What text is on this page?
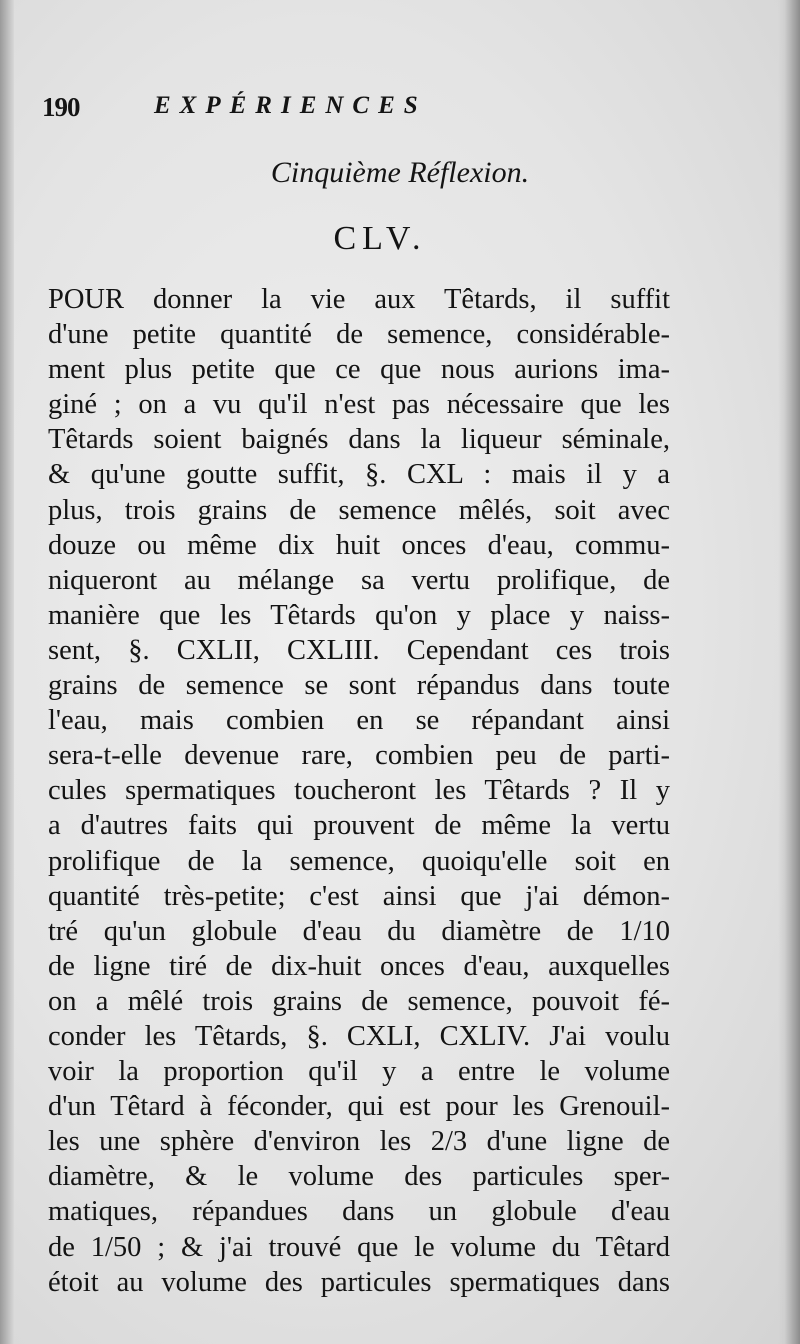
190	EXPÉRIENCES
Cinquième Réflexion.
CLV.
POUR donner la vie aux Têtards, il suffit
d'une petite quantité de semence, considérable-
ment plus petite que ce que nous aurions ima-
giné ; on a vu qu'il n'est pas nécessaire que les
Têtards soient baignés dans la liqueur séminale,
& qu'une goutte suffit, §. CXL : mais il y a
plus, trois grains de semence mêlés, soit avec
douze ou même dix huit onces d'eau, commu-
niqueront au mélange sa vertu prolifique, de
manière que les Têtards qu'on y place y naiss-
sent, §. CXLII, CXLIII. Cependant ces trois
grains de semence se sont répandus dans toute
l'eau, mais combien en se répandant ainsi
sera-t-elle devenue rare, combien peu de parti-
cules spermatiques toucheront les Têtards ? Il y
a d'autres faits qui prouvent de même la vertu
prolifique de la semence, quoiqu'elle soit en
quantité très-petite; c'est ainsi que j'ai démon-
tré qu'un globule d'eau du diamètre de 1/10
de ligne tiré de dix-huit onces d'eau, auxquelles
on a mêlé trois grains de semence, pouvoit fé-
conder les Têtards, §. CXLI, CXLIV. J'ai voulu
voir la proportion qu'il y a entre le volume
d'un Têtard à féconder, qui est pour les Grenouil-
les une sphère d'environ les 2/3 d'une ligne de
diamètre, & le volume des particules sper-
matiques, répandues dans un globule d'eau
de 1/50 ; & j'ai trouvé que le volume du Têtard
étoit au volume des particules spermatiques dans
